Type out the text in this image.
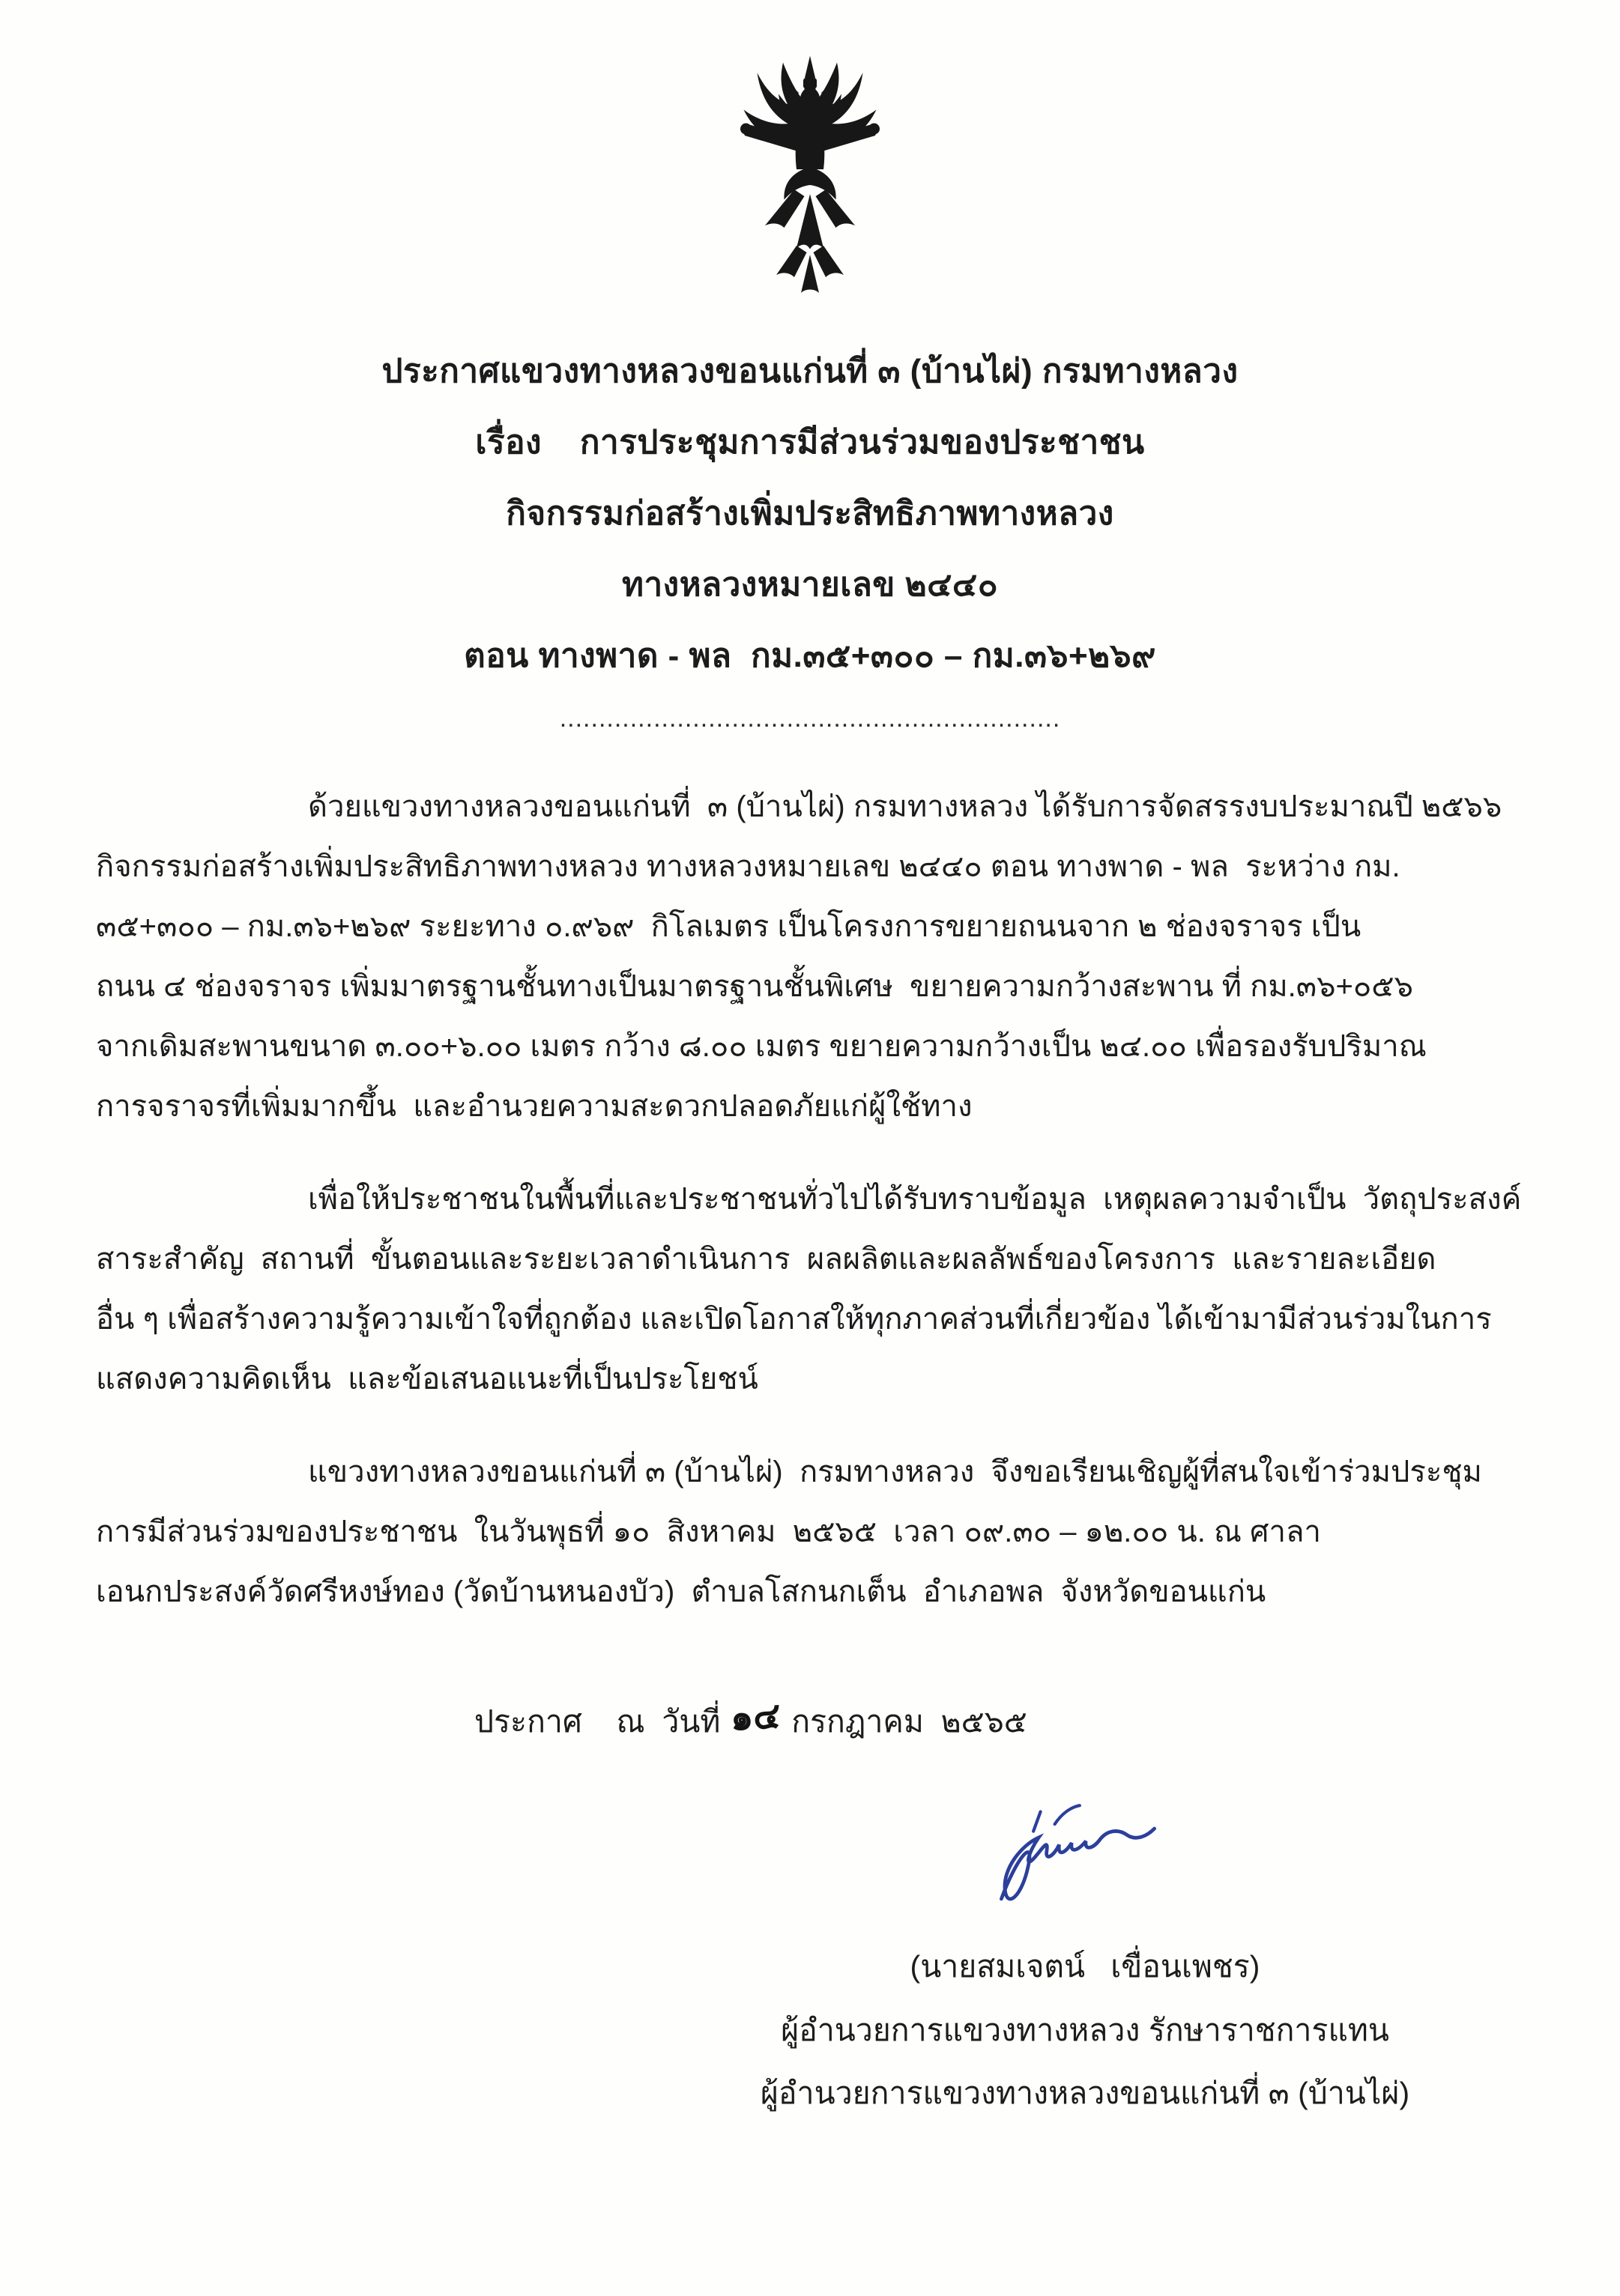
ประกาศแขวงทางหลวงขอนแก่นที่ ๓ (บ้านไผ่) กรมทางหลวง
เรื่อง    การประชุมการมีส่วนร่วมของประชาชน
กิจกรรมก่อสร้างเพิ่มประสิทธิภาพทางหลวง
ทางหลวงหมายเลข ๒๔๔๐
ตอน ทางพาด - พล  กม.๓๕+๓๐๐ – กม.๓๖+๒๖๙
................................................................
ด้วยแขวงทางหลวงขอนแก่นที่  ๓ (บ้านไผ่) กรมทางหลวง ได้รับการจัดสรรงบประมาณปี ๒๕๖๖
กิจกรรมก่อสร้างเพิ่มประสิทธิภาพทางหลวง ทางหลวงหมายเลข ๒๔๔๐ ตอน ทางพาด - พล  ระหว่าง กม.
๓๕+๓๐๐ – กม.๓๖+๒๖๙ ระยะทาง ๐.๙๖๙  กิโลเมตร เป็นโครงการขยายถนนจาก ๒ ช่องจราจร เป็น
ถนน ๔ ช่องจราจร เพิ่มมาตรฐานชั้นทางเป็นมาตรฐานชั้นพิเศษ  ขยายความกว้างสะพาน ที่ กม.๓๖+๐๕๖
จากเดิมสะพานขนาด ๓.๐๐+๖.๐๐ เมตร กว้าง ๘.๐๐ เมตร ขยายความกว้างเป็น ๒๔.๐๐ เพื่อรองรับปริมาณ
การจราจรที่เพิ่มมากขึ้น  และอำนวยความสะดวกปลอดภัยแก่ผู้ใช้ทาง
เพื่อให้ประชาชนในพื้นที่และประชาชนทั่วไปได้รับทราบข้อมูล  เหตุผลความจำเป็น  วัตถุประสงค์
สาระสำคัญ  สถานที่  ขั้นตอนและระยะเวลาดำเนินการ  ผลผลิตและผลลัพธ์ของโครงการ  และรายละเอียด
อื่น ๆ เพื่อสร้างความรู้ความเข้าใจที่ถูกต้อง และเปิดโอกาสให้ทุกภาคส่วนที่เกี่ยวข้อง ได้เข้ามามีส่วนร่วมในการ
แสดงความคิดเห็น  และข้อเสนอแนะที่เป็นประโยชน์
แขวงทางหลวงขอนแก่นที่ ๓ (บ้านไผ่)  กรมทางหลวง  จึงขอเรียนเชิญผู้ที่สนใจเข้าร่วมประชุม
การมีส่วนร่วมของประชาชน  ในวันพุธที่ ๑๐  สิงหาคม  ๒๕๖๕  เวลา ๐๙.๓๐ – ๑๒.๐๐ น. ณ ศาลา
เอนกประสงค์วัดศรีหงษ์ทอง (วัดบ้านหนองบัว)  ตำบลโสกนกเต็น  อำเภอพล  จังหวัดขอนแก่น
ประกาศ    ณ  วันที่ ๑๔ กรกฎาคม  ๒๕๖๕
(นายสมเจตน์   เขื่อนเพชร)
ผู้อำนวยการแขวงทางหลวง รักษาราชการแทน
ผู้อำนวยการแขวงทางหลวงขอนแก่นที่ ๓ (บ้านไผ่)
